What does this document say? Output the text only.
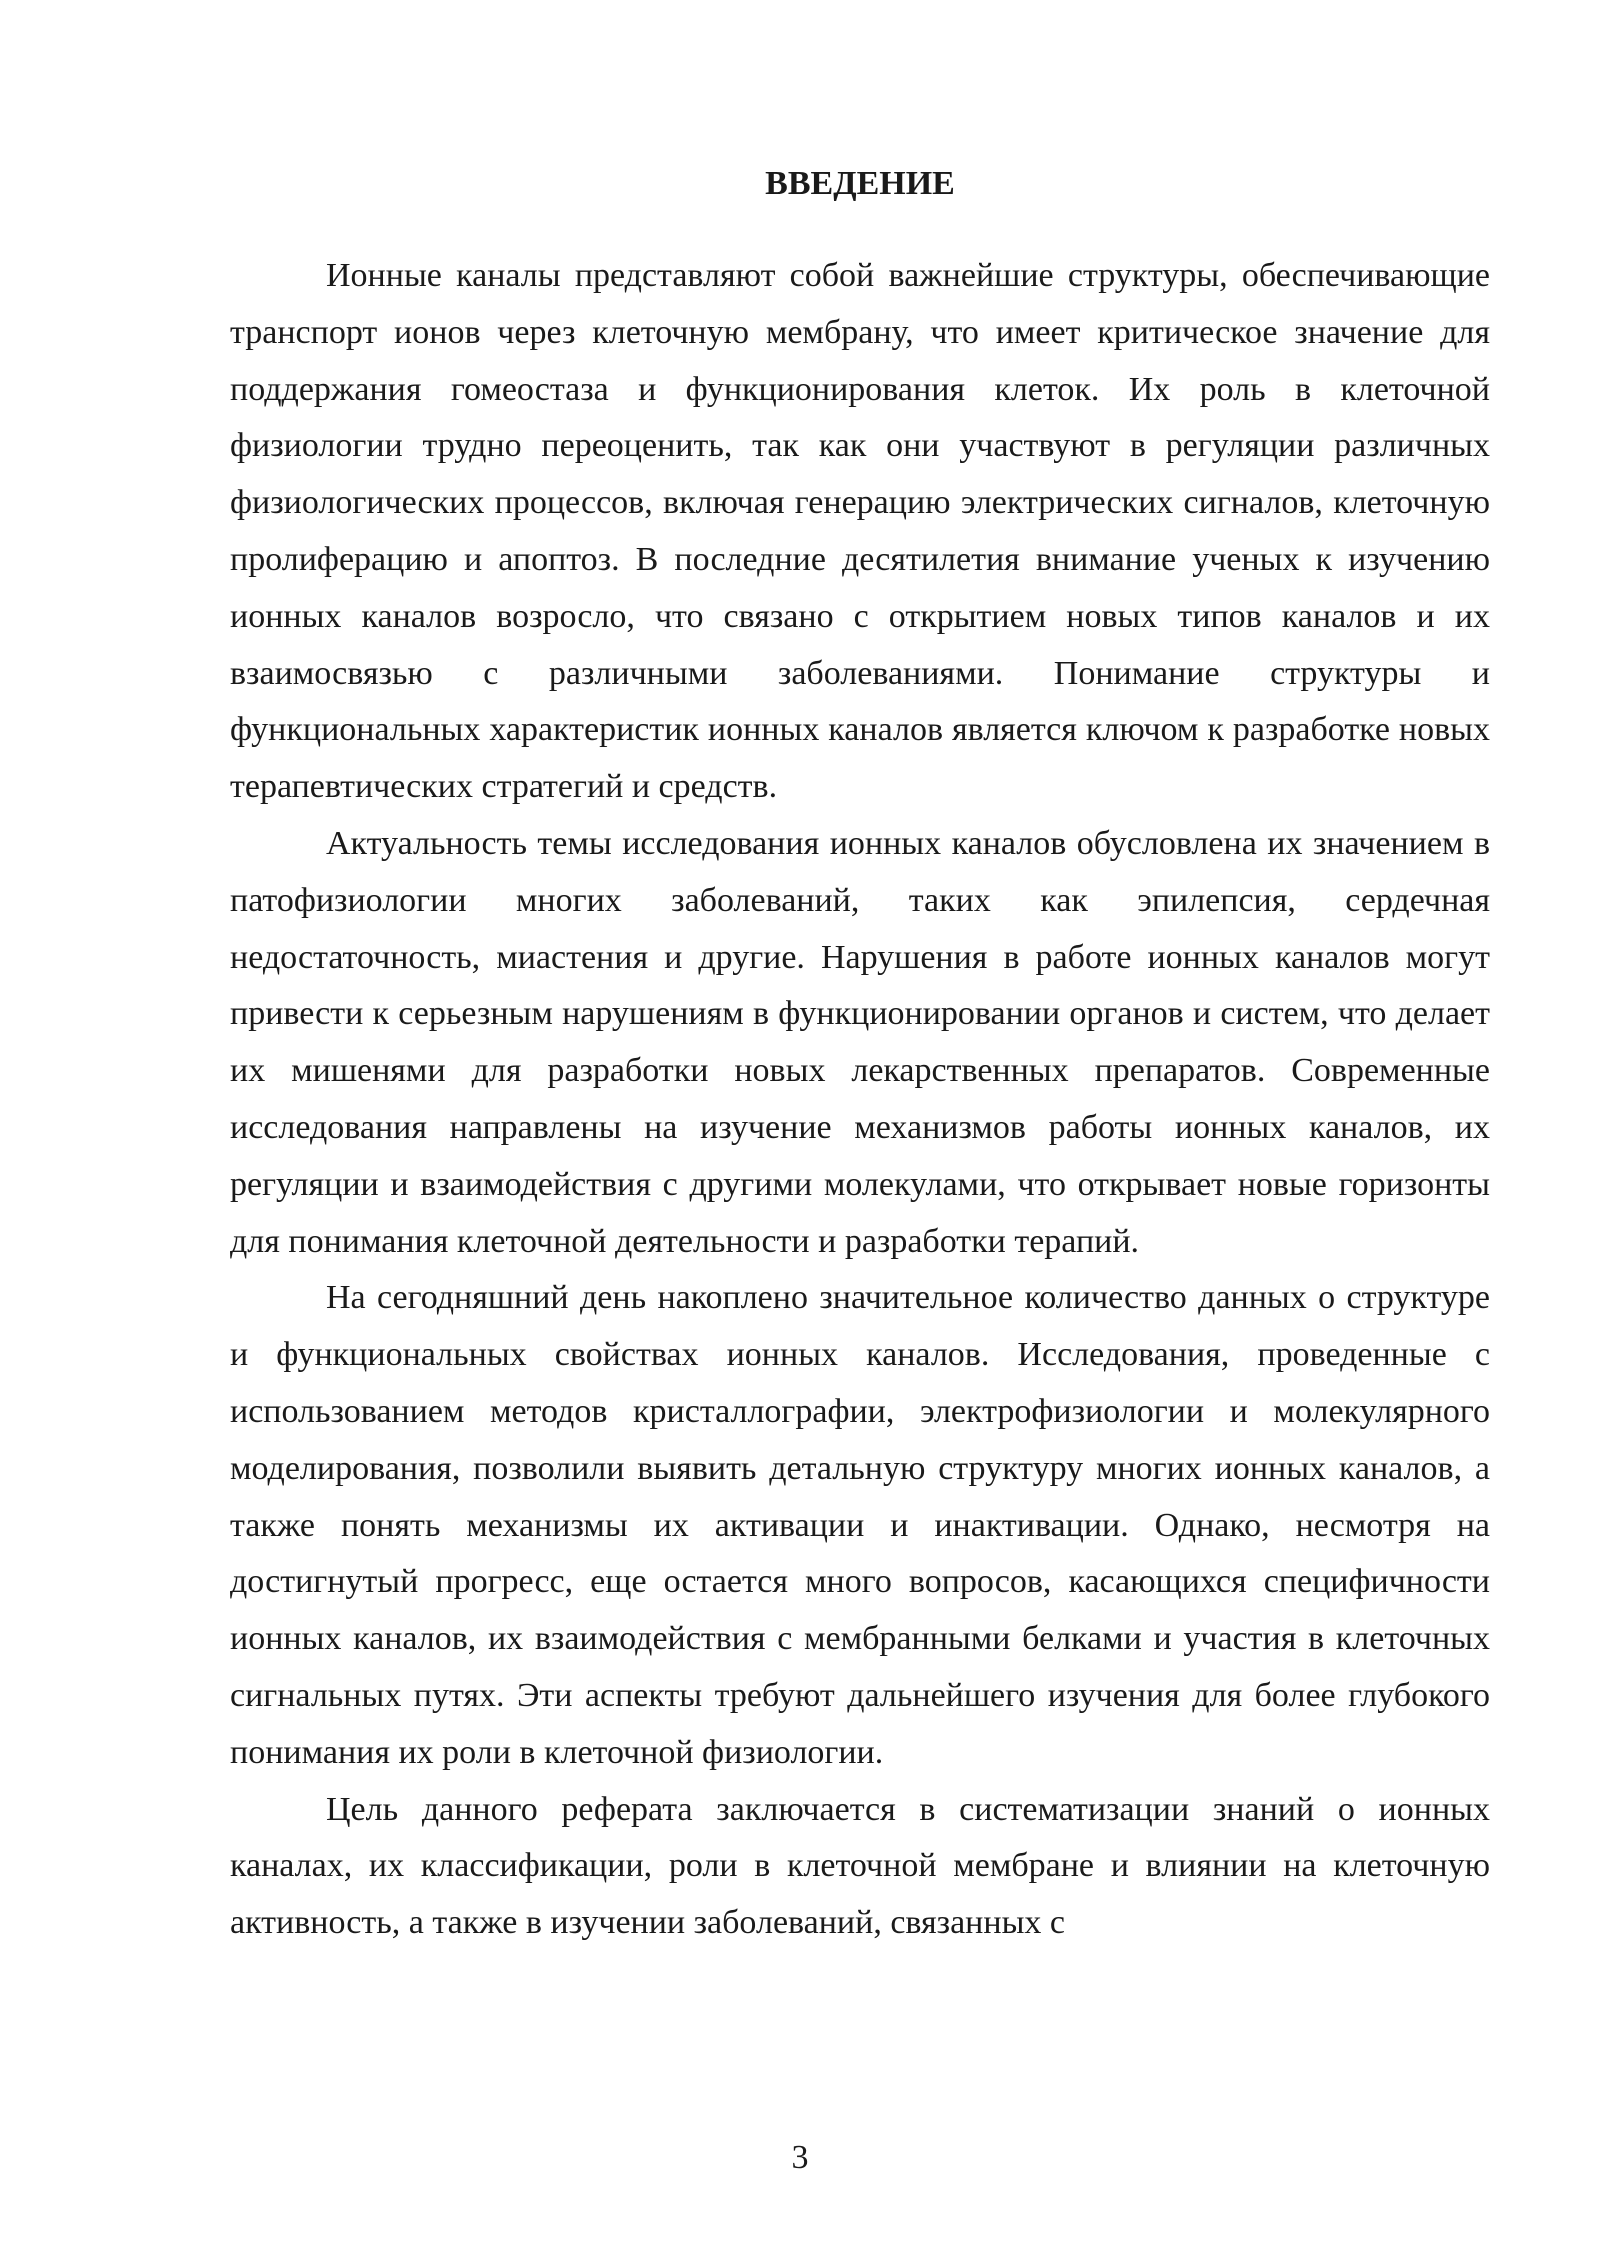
ВВЕДЕНИЕ

Ионные каналы представляют собой важнейшие структуры, обеспечивающие транспорт ионов через клеточную мембрану, что имеет критическое значение для поддержания гомеостаза и функционирования клеток. Их роль в клеточной физиологии трудно переоценить, так как они участвуют в регуляции различных физиологических процессов, включая генерацию электрических сигналов, клеточную пролиферацию и апоптоз. В последние десятилетия внимание ученых к изучению ионных каналов возросло, что связано с открытием новых типов каналов и их взаимосвязью с различными заболеваниями. Понимание структуры и функциональных характеристик ионных каналов является ключом к разработке новых терапевтических стратегий и средств.

Актуальность темы исследования ионных каналов обусловлена их значением в патофизиологии многих заболеваний, таких как эпилепсия, сердечная недостаточность, миастения и другие. Нарушения в работе ионных каналов могут привести к серьезным нарушениям в функционировании органов и систем, что делает их мишенями для разработки новых лекарственных препаратов. Современные исследования направлены на изучение механизмов работы ионных каналов, их регуляции и взаимодействия с другими молекулами, что открывает новые горизонты для понимания клеточной деятельности и разработки терапий.

На сегодняшний день накоплено значительное количество данных о структуре и функциональных свойствах ионных каналов. Исследования, проведенные с использованием методов кристаллографии, электрофизиологии и молекулярного моделирования, позволили выявить детальную структуру многих ионных каналов, а также понять механизмы их активации и инактивации. Однако, несмотря на достигнутый прогресс, еще остается много вопросов, касающихся специфичности ионных каналов, их взаимодействия с мембранными белками и участия в клеточных сигнальных путях. Эти аспекты требуют дальнейшего изучения для более глубокого понимания их роли в клеточной физиологии.

Цель данного реферата заключается в систематизации знаний о ионных каналах, их классификации, роли в клеточной мембране и влиянии на клеточную активность, а также в изучении заболеваний, связанных с

3
